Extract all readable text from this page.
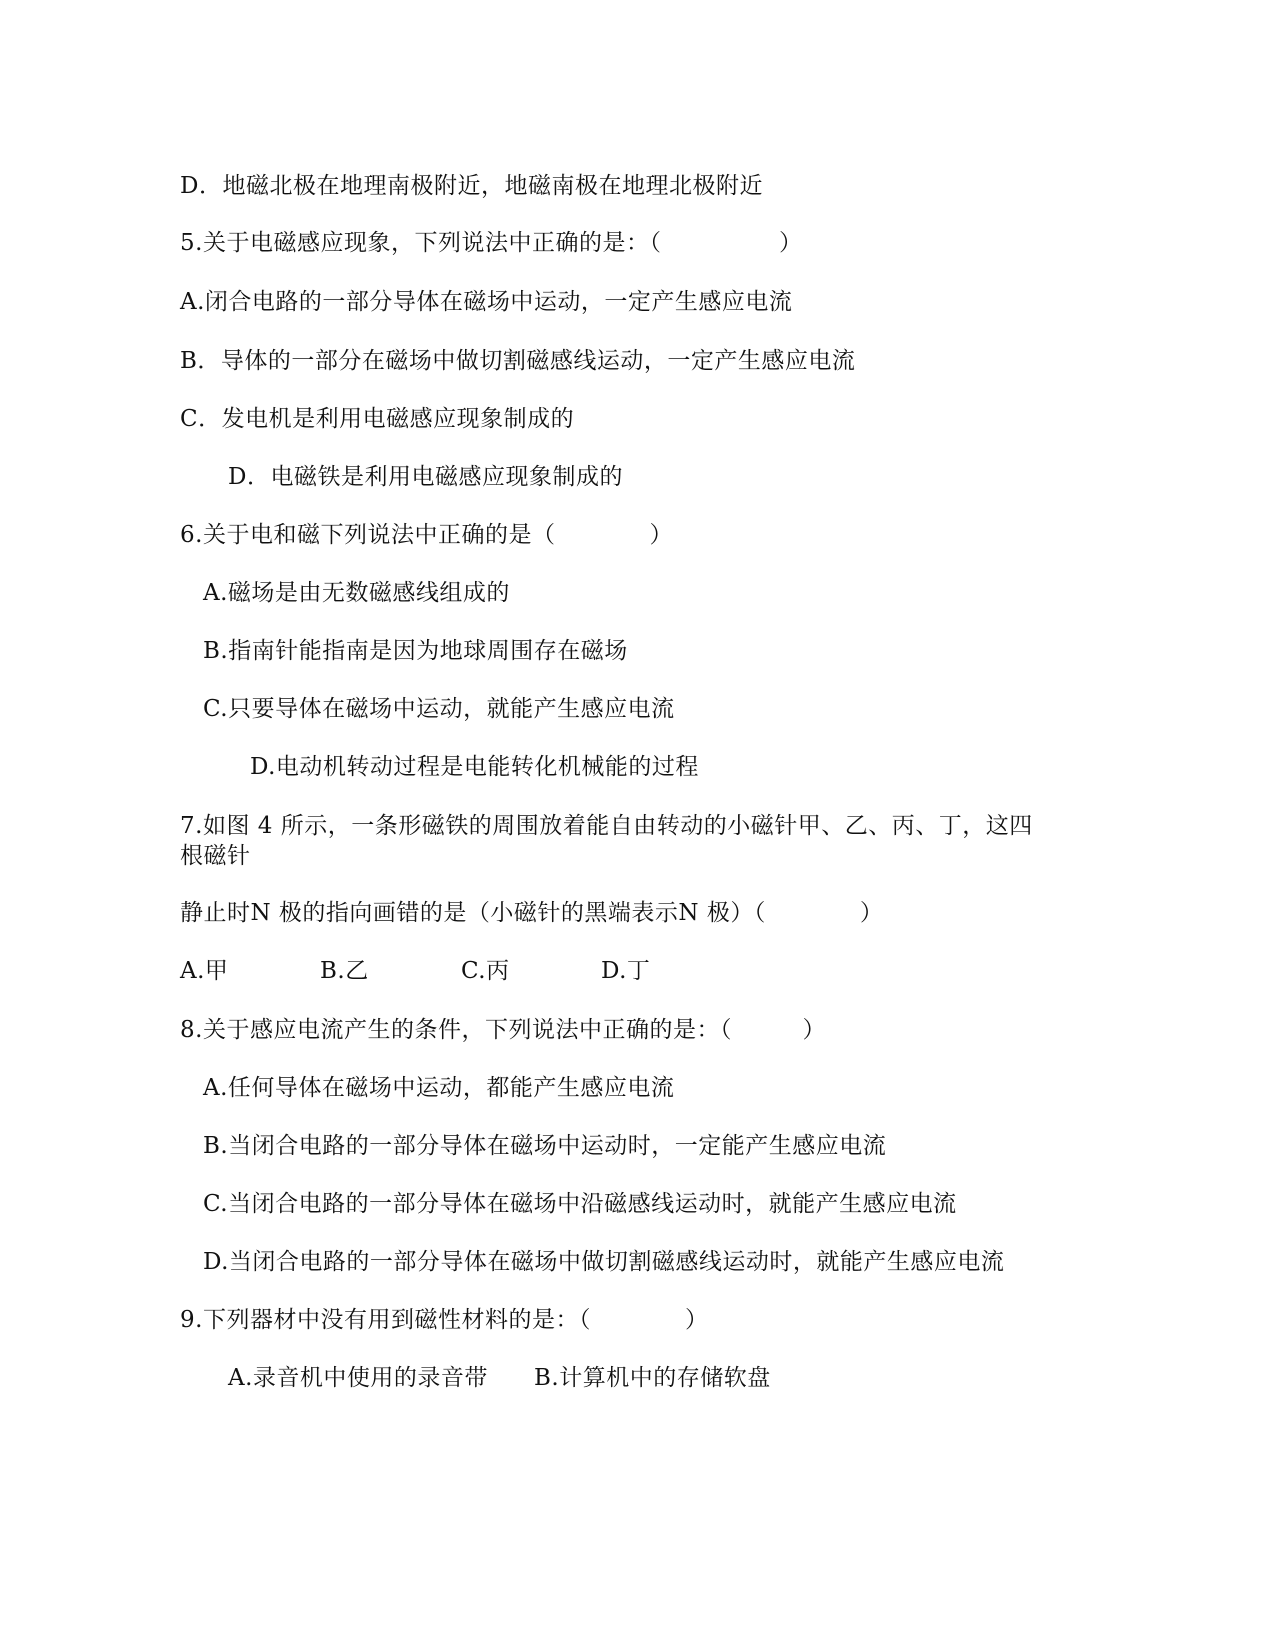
D．地磁北极在地理南极附近，地磁南极在地理北极附近
5.关于电磁感应现象，下列说法中正确的是：（　　　　　）
A.闭合电路的一部分导体在磁场中运动，一定产生感应电流
B．导体的一部分在磁场中做切割磁感线运动，一定产生感应电流
C．发电机是利用电磁感应现象制成的
D．电磁铁是利用电磁感应现象制成的
6.关于电和磁下列说法中正确的是（　　　　）
A.磁场是由无数磁感线组成的
B.指南针能指南是因为地球周围存在磁场
C.只要导体在磁场中运动，就能产生感应电流
D.电动机转动过程是电能转化机械能的过程
7.如图 4 所示，一条形磁铁的周围放着能自由转动的小磁针甲、乙、丙、丁，这四
根磁针
静止时N 极的指向画错的是（小磁针的黑端表示N 极）（　　　　）
A.甲	B.乙	C.丙	D.丁
8.关于感应电流产生的条件，下列说法中正确的是：（　　　）
A.任何导体在磁场中运动，都能产生感应电流
B.当闭合电路的一部分导体在磁场中运动时，一定能产生感应电流
C.当闭合电路的一部分导体在磁场中沿磁感线运动时，就能产生感应电流
D.当闭合电路的一部分导体在磁场中做切割磁感线运动时，就能产生感应电流
9.下列器材中没有用到磁性材料的是：（　　　　）
A.录音机中使用的录音带 B.计算机中的存储软盘
